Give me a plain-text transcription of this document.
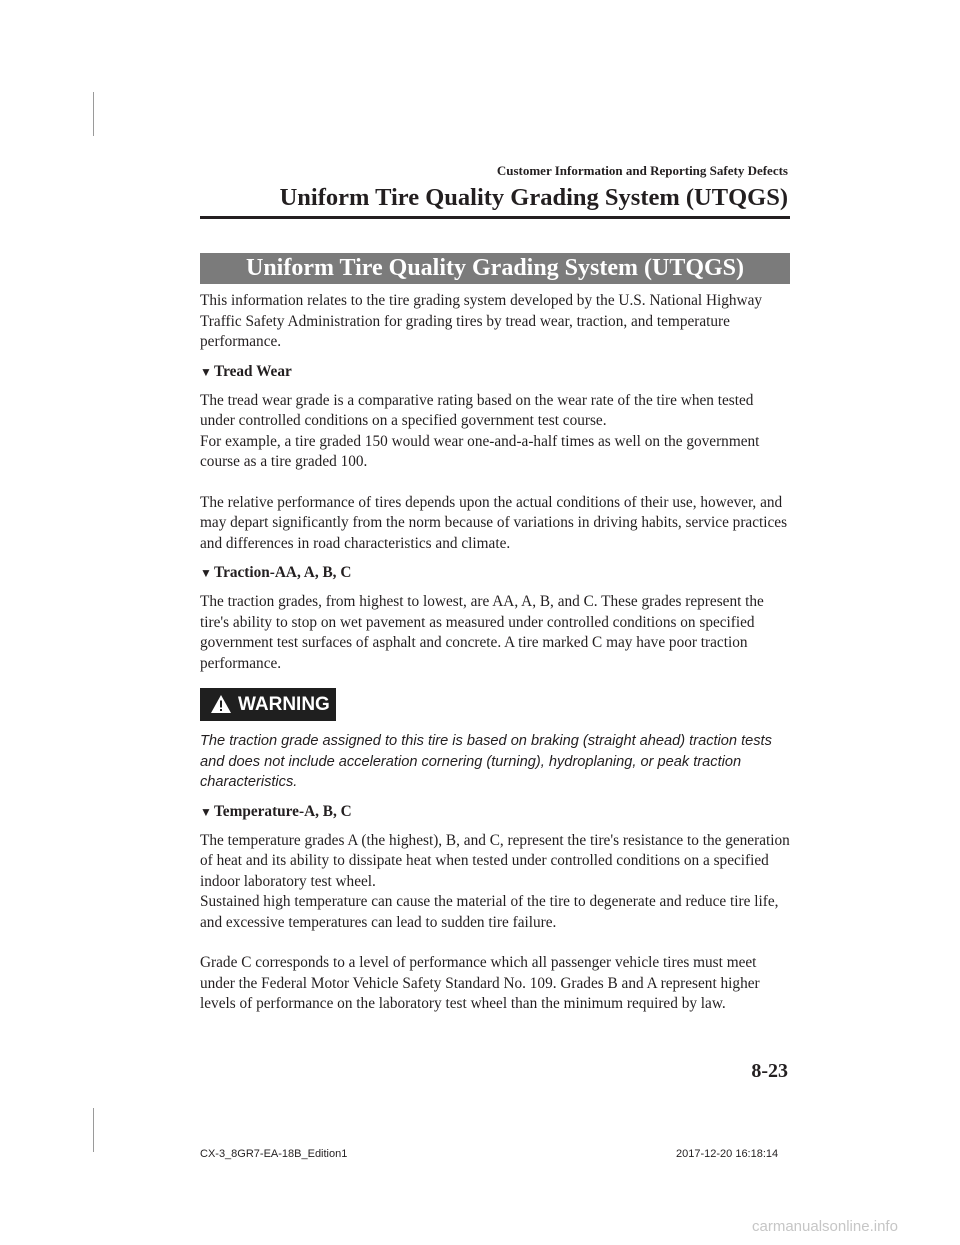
Customer Information and Reporting Safety Defects
Uniform Tire Quality Grading System (UTQGS)
Uniform Tire Quality Grading System (UTQGS)

This information relates to the tire grading system developed by the U.S. National Highway Traffic Safety Administration for grading tires by tread wear, traction, and temperature performance.

▼ Tread Wear

The tread wear grade is a comparative rating based on the wear rate of the tire when tested under controlled conditions on a specified government test course.

For example, a tire graded 150 would wear one-and-a-half times as well on the government course as a tire graded 100.

The relative performance of tires depends upon the actual conditions of their use, however, and may depart significantly from the norm because of variations in driving habits, service practices and differences in road characteristics and climate.

▼ Traction-AA, A, B, C

The traction grades, from highest to lowest, are AA, A, B, and C. These grades represent the tire's ability to stop on wet pavement as measured under controlled conditions on specified government test surfaces of asphalt and concrete. A tire marked C may have poor traction performance.

WARNING

The traction grade assigned to this tire is based on braking (straight ahead) traction tests and does not include acceleration cornering (turning), hydroplaning, or peak traction characteristics.

▼ Temperature-A, B, C

The temperature grades A (the highest), B, and C, represent the tire's resistance to the generation of heat and its ability to dissipate heat when tested under controlled conditions on a specified indoor laboratory test wheel.

Sustained high temperature can cause the material of the tire to degenerate and reduce tire life, and excessive temperatures can lead to sudden tire failure.

Grade C corresponds to a level of performance which all passenger vehicle tires must meet under the Federal Motor Vehicle Safety Standard No. 109. Grades B and A represent higher levels of performance on the laboratory test wheel than the minimum required by law.

8-23
CX-3_8GR7-EA-18B_Edition1	2017-12-20 16:18:14
carmanualsonline.info
